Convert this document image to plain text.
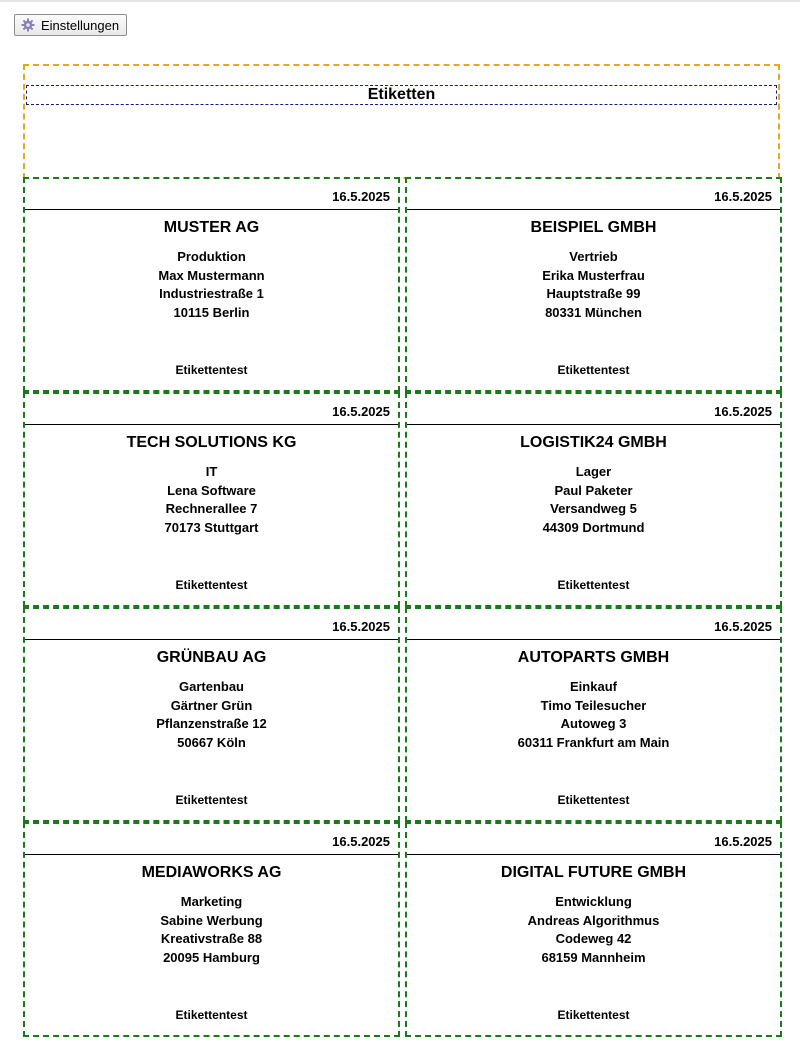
Einstellungen
Etiketten
16.5.2025
MUSTER AG
Produktion
Max Mustermann
Industriestraße 1
10115 Berlin
Etikettentest
16.5.2025
BEISPIEL GMBH
Vertrieb
Erika Musterfrau
Hauptstraße 99
80331 München
Etikettentest
16.5.2025
TECH SOLUTIONS KG
IT
Lena Software
Rechnerallee 7
70173 Stuttgart
Etikettentest
16.5.2025
LOGISTIK24 GMBH
Lager
Paul Paketer
Versandweg 5
44309 Dortmund
Etikettentest
16.5.2025
GRÜNBAU AG
Gartenbau
Gärtner Grün
Pflanzenstraße 12
50667 Köln
Etikettentest
16.5.2025
AUTOPARTS GMBH
Einkauf
Timo Teilesucher
Autoweg 3
60311 Frankfurt am Main
Etikettentest
16.5.2025
MEDIAWORKS AG
Marketing
Sabine Werbung
Kreativstraße 88
20095 Hamburg
Etikettentest
16.5.2025
DIGITAL FUTURE GMBH
Entwicklung
Andreas Algorithmus
Codeweg 42
68159 Mannheim
Etikettentest
